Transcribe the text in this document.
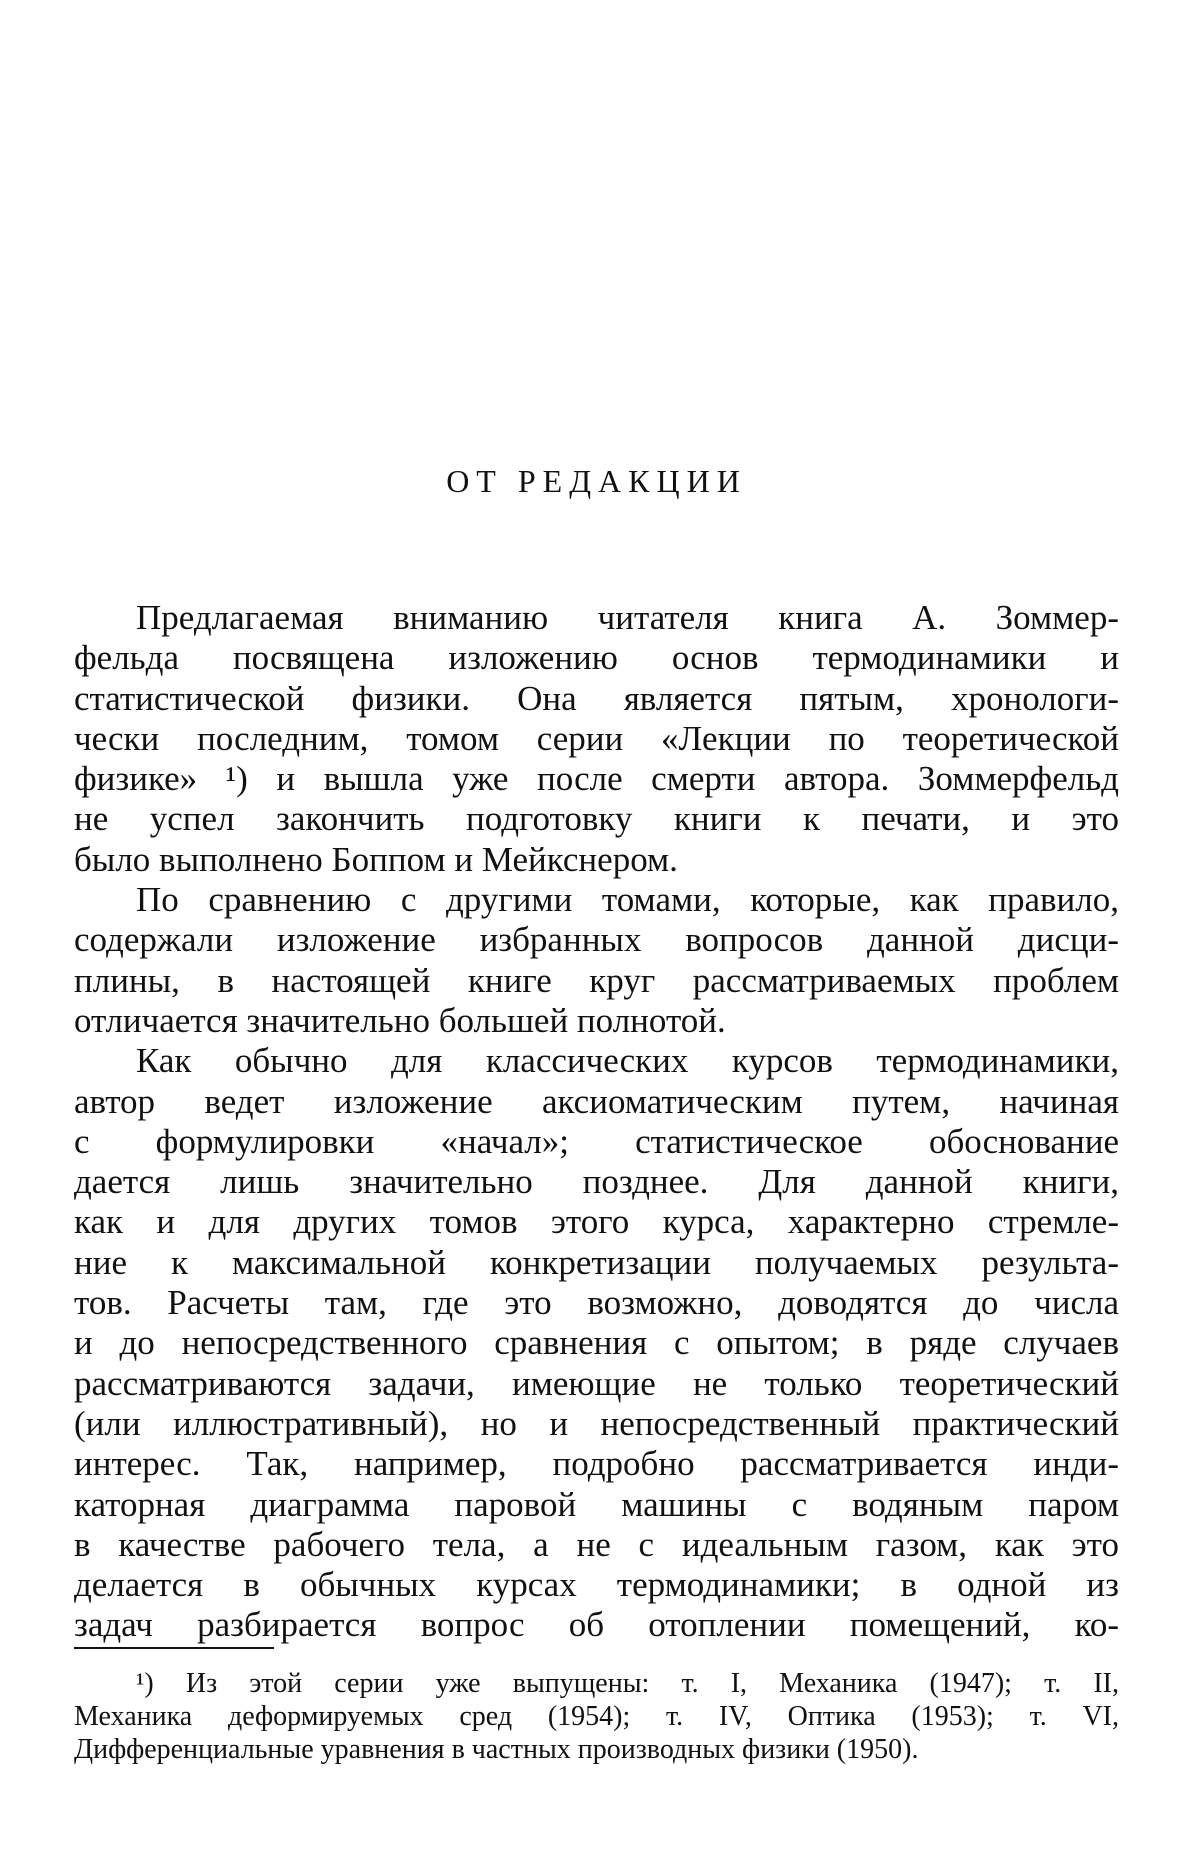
ОТ РЕДАКЦИИ
Предлагаемая вниманию читателя книга А. Зоммер-
фельда посвящена изложению основ термодинамики и
статистической физики. Она является пятым, хронологи-
чески последним, томом серии «Лекции по теоретической
физике» ¹) и вышла уже после смерти автора. Зоммерфельд
не успел закончить подготовку книги к печати, и это
было выполнено Боппом и Мейкснером.
По сравнению с другими томами, которые, как правило,
содержали изложение избранных вопросов данной дисци-
плины, в настоящей книге круг рассматриваемых проблем
отличается значительно большей полнотой.
Как обычно для классических курсов термодинамики,
автор ведет изложение аксиоматическим путем, начиная
с формулировки «начал»; статистическое обоснование
дается лишь значительно позднее. Для данной книги,
как и для других томов этого курса, характерно стремле-
ние к максимальной конкретизации получаемых результа-
тов. Расчеты там, где это возможно, доводятся до числа
и до непосредственного сравнения с опытом; в ряде случаев
рассматриваются задачи, имеющие не только теоретический
(или иллюстративный), но и непосредственный практический
интерес. Так, например, подробно рассматривается инди-
каторная диаграмма паровой машины с водяным паром
в качестве рабочего тела, а не с идеальным газом, как это
делается в обычных курсах термодинамики; в одной из
задач разбирается вопрос об отоплении помещений, ко-
¹) Из этой серии уже выпущены: т. I, Механика (1947); т. II,
Механика деформируемых сред (1954); т. IV, Оптика (1953); т. VI,
Дифференциальные уравнения в частных производных физики (1950).
